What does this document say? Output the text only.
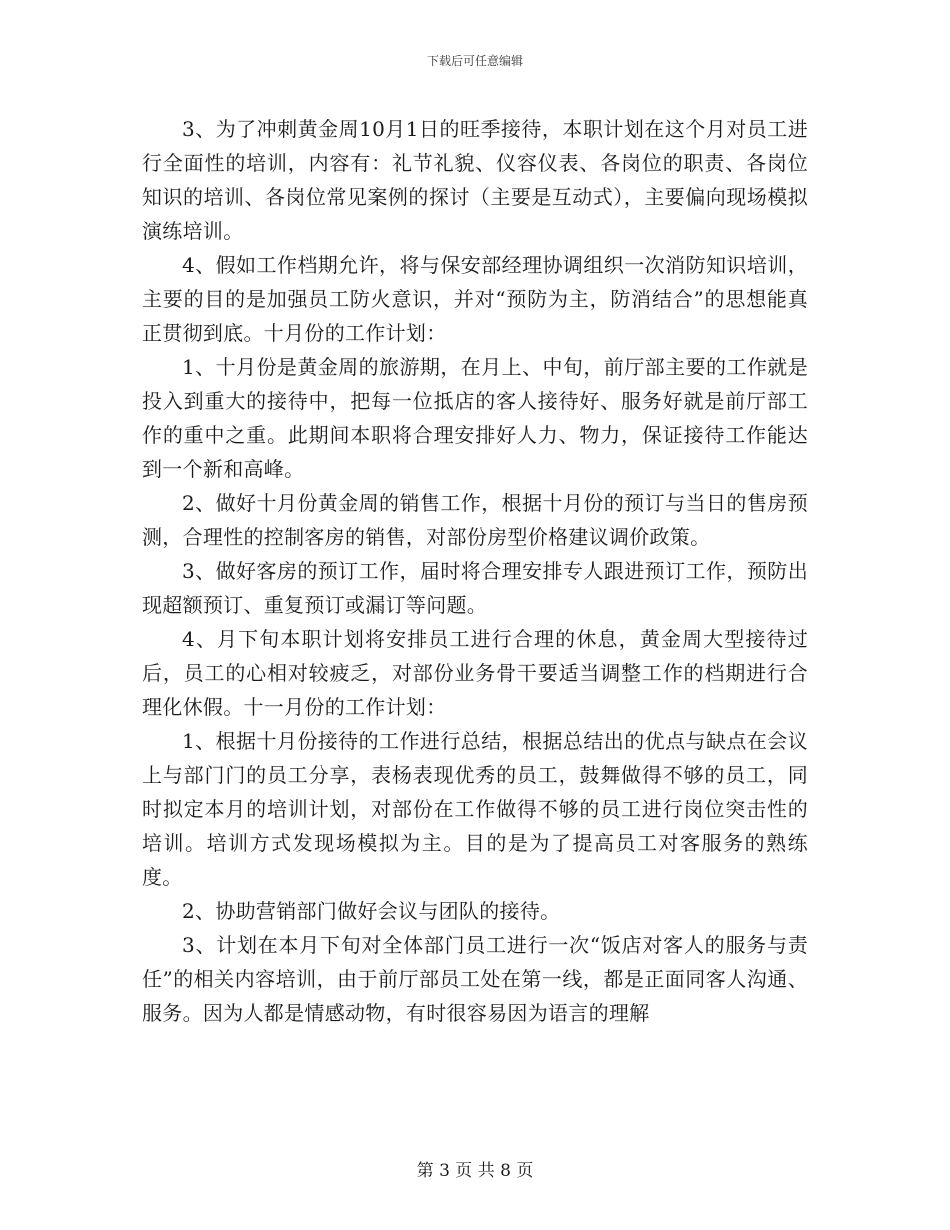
下载后可任意编辑

3、为了冲刺黄金周10月1日的旺季接待，本职计划在这个月对员工进行全面性的培训，内容有：礼节礼貌、仪容仪表、各岗位的职责、各岗位知识的培训、各岗位常见案例的探讨（主要是互动式），主要偏向现场模拟演练培训。

4、假如工作档期允许，将与保安部经理协调组织一次消防知识培训，主要的目的是加强员工防火意识，并对“预防为主，防消结合”的思想能真正贯彻到底。十月份的工作计划：

1、十月份是黄金周的旅游期，在月上、中旬，前厅部主要的工作就是投入到重大的接待中，把每一位抵店的客人接待好、服务好就是前厅部工作的重中之重。此期间本职将合理安排好人力、物力，保证接待工作能达到一个新和高峰。

2、做好十月份黄金周的销售工作，根据十月份的预订与当日的售房预测，合理性的控制客房的销售，对部份房型价格建议调价政策。

3、做好客房的预订工作，届时将合理安排专人跟进预订工作，预防出现超额预订、重复预订或漏订等问题。

4、月下旬本职计划将安排员工进行合理的休息，黄金周大型接待过后，员工的心相对较疲乏，对部份业务骨干要适当调整工作的档期进行合理化休假。十一月份的工作计划：

1、根据十月份接待的工作进行总结，根据总结出的优点与缺点在会议上与部门门的员工分享，表杨表现优秀的员工，鼓舞做得不够的员工，同时拟定本月的培训计划，对部份在工作做得不够的员工进行岗位突击性的培训。培训方式发现场模拟为主。目的是为了提高员工对客服务的熟练度。

2、协助营销部门做好会议与团队的接待。

3、计划在本月下旬对全体部门员工进行一次“饭店对客人的服务与责任”的相关内容培训，由于前厅部员工处在第一线，都是正面同客人沟通、服务。因为人都是情感动物，有时很容易因为语言的理解

第 3 页 共 8 页
